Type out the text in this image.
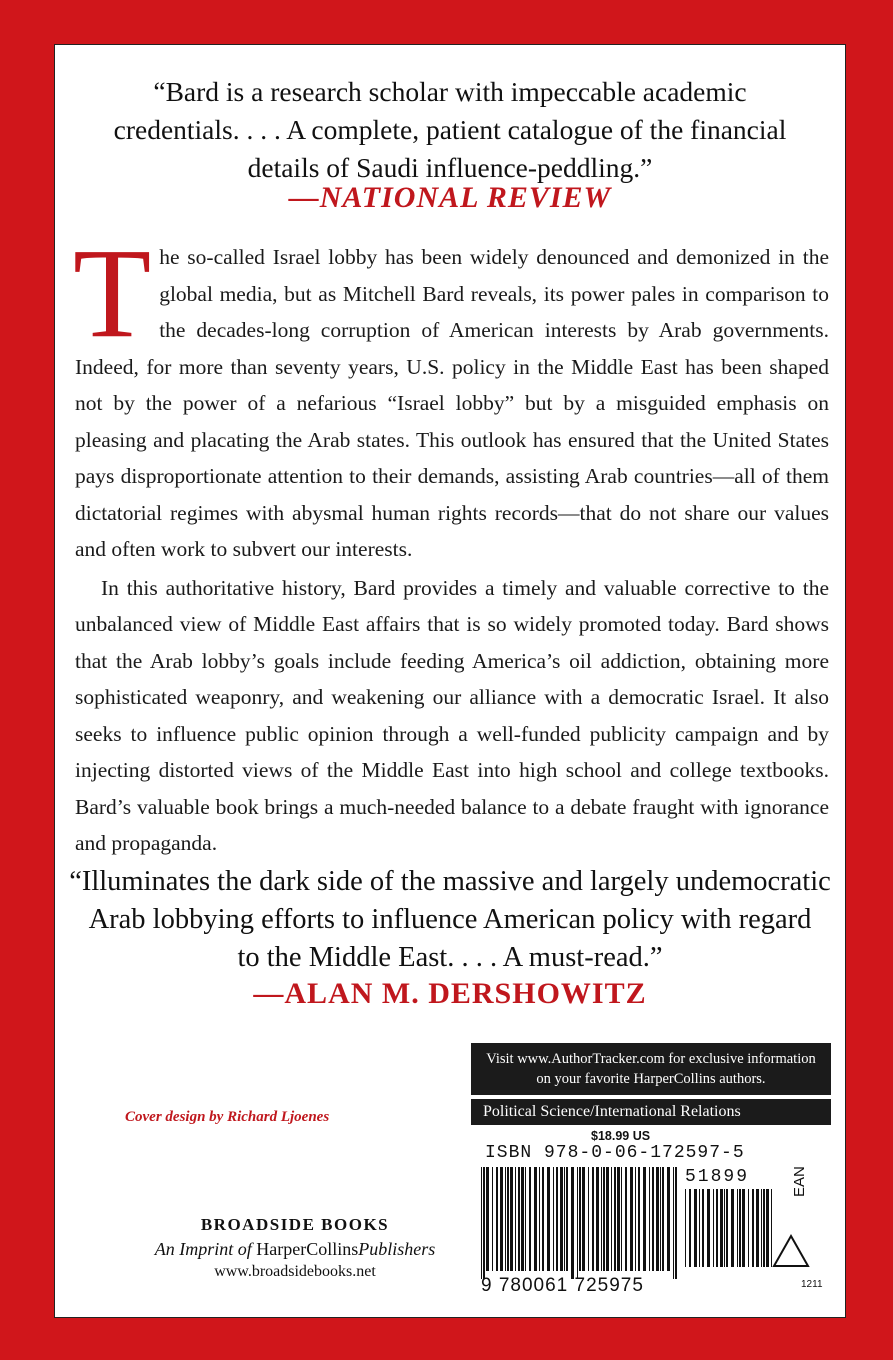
“Bard is a research scholar with impeccable academic
credentials. . . . A complete, patient catalogue of the financial
details of Saudi influence-peddling.”
—NATIONAL REVIEW

The so-called Israel lobby has been widely denounced and demonized in the global media, but as Mitchell Bard reveals, its power pales in comparison to the decades-long corruption of American interests by Arab governments. Indeed, for more than seventy years, U.S. policy in the Middle East has been shaped not by the power of a nefarious “Israel lobby” but by a misguided emphasis on pleasing and placating the Arab states. This outlook has ensured that the United States pays disproportionate attention to their demands, assisting Arab countries—all of them dictatorial regimes with abysmal human rights records—that do not share our values and often work to subvert our interests.

In this authoritative history, Bard provides a timely and valuable corrective to the unbalanced view of Middle East affairs that is so widely promoted today. Bard shows that the Arab lobby’s goals include feeding America’s oil addiction, obtaining more sophisticated weaponry, and weakening our alliance with a democratic Israel. It also seeks to influence public opinion through a well-funded publicity campaign and by injecting distorted views of the Middle East into high school and college textbooks. Bard’s valuable book brings a much-needed balance to a debate fraught with ignorance and propaganda.

“Illuminates the dark side of the massive and largely undemocratic
Arab lobbying efforts to influence American policy with regard
to the Middle East. . . . A must-read.”
—ALAN M. DERSHOWITZ
Visit www.AuthorTracker.com for exclusive information
on your favorite HarperCollins authors.
Political Science/International Relations
Cover design by Richard Ljoenes
$18.99 US
ISBN 978-0-06-172597-5
51899	EAN
9 780061 725975	1211
BROADSIDE BOOKS
An Imprint of HarperCollinsPublishers
www.broadsidebooks.net
